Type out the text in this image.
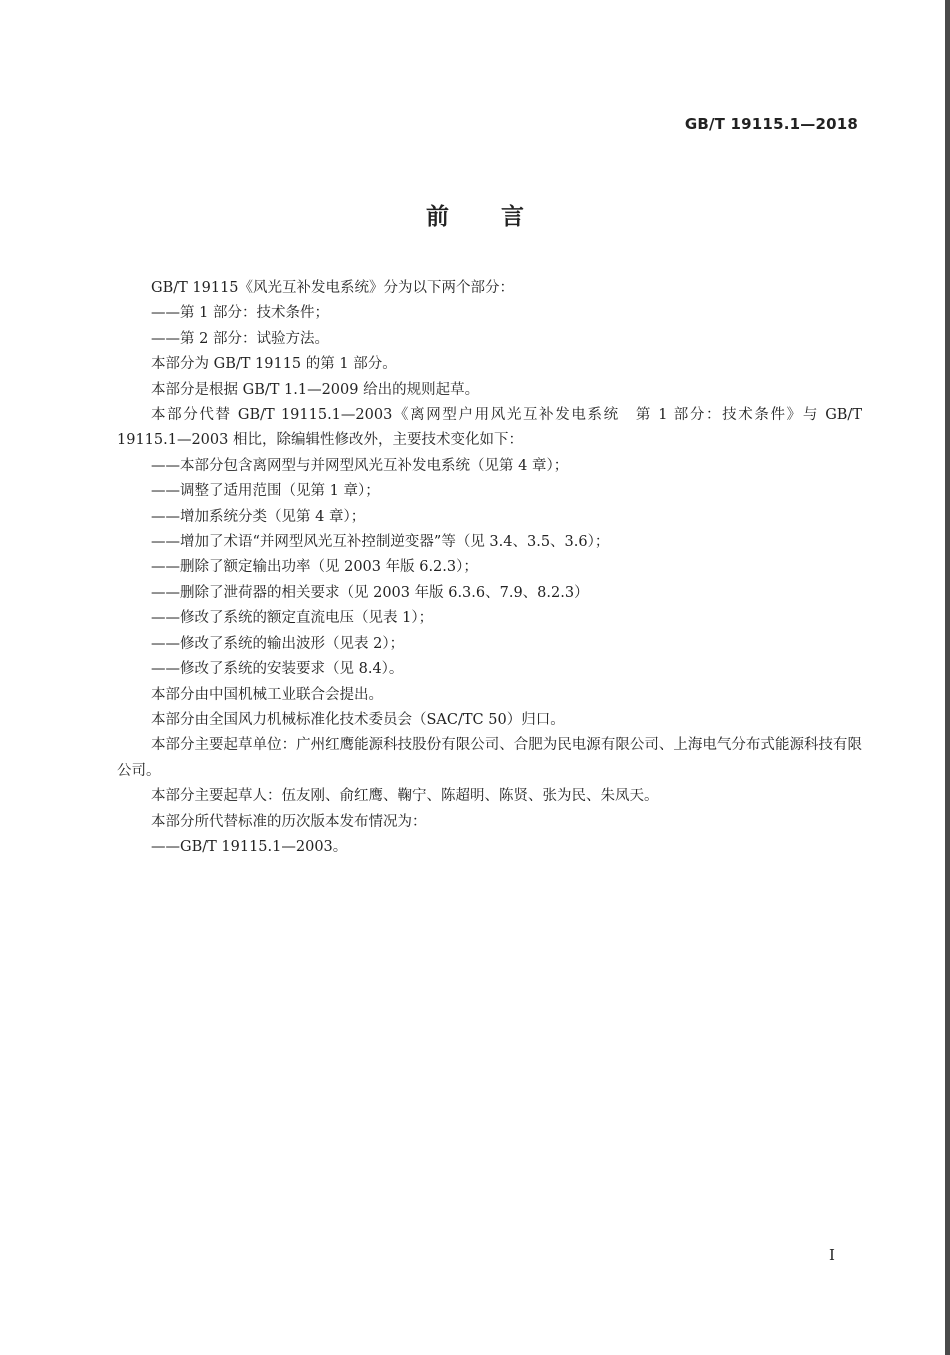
GB/T 19115.1—2018
前 言

GB/T 19115《风光互补发电系统》分为以下两个部分：

——第 1 部分：技术条件；

——第 2 部分：试验方法。

本部分为 GB/T 19115 的第 1 部分。

本部分是根据 GB/T 1.1—2009 给出的规则起草。

本部分代替 GB/T 19115.1—2003《离网型户用风光互补发电系统　第 1 部分：技术条件》与 GB/T 19115.1—2003 相比，除编辑性修改外，主要技术变化如下：

——本部分包含离网型与并网型风光互补发电系统（见第 4 章）；

——调整了适用范围（见第 1 章）；

——增加系统分类（见第 4 章）；

——增加了术语“并网型风光互补控制逆变器”等（见 3.4、3.5、3.6）；

——删除了额定输出功率（见 2003 年版 6.2.3）；

——删除了泄荷器的相关要求（见 2003 年版 6.3.6、7.9、8.2.3）

——修改了系统的额定直流电压（见表 1）；

——修改了系统的输出波形（见表 2）；

——修改了系统的安装要求（见 8.4）。

本部分由中国机械工业联合会提出。

本部分由全国风力机械标准化技术委员会（SAC/TC 50）归口。

本部分主要起草单位：广州红鹰能源科技股份有限公司、合肥为民电源有限公司、上海电气分布式能源科技有限公司。

本部分主要起草人：伍友刚、俞红鹰、鞠宁、陈超明、陈贤、张为民、朱凤天。

本部分所代替标准的历次版本发布情况为：

——GB/T 19115.1—2003。

I
